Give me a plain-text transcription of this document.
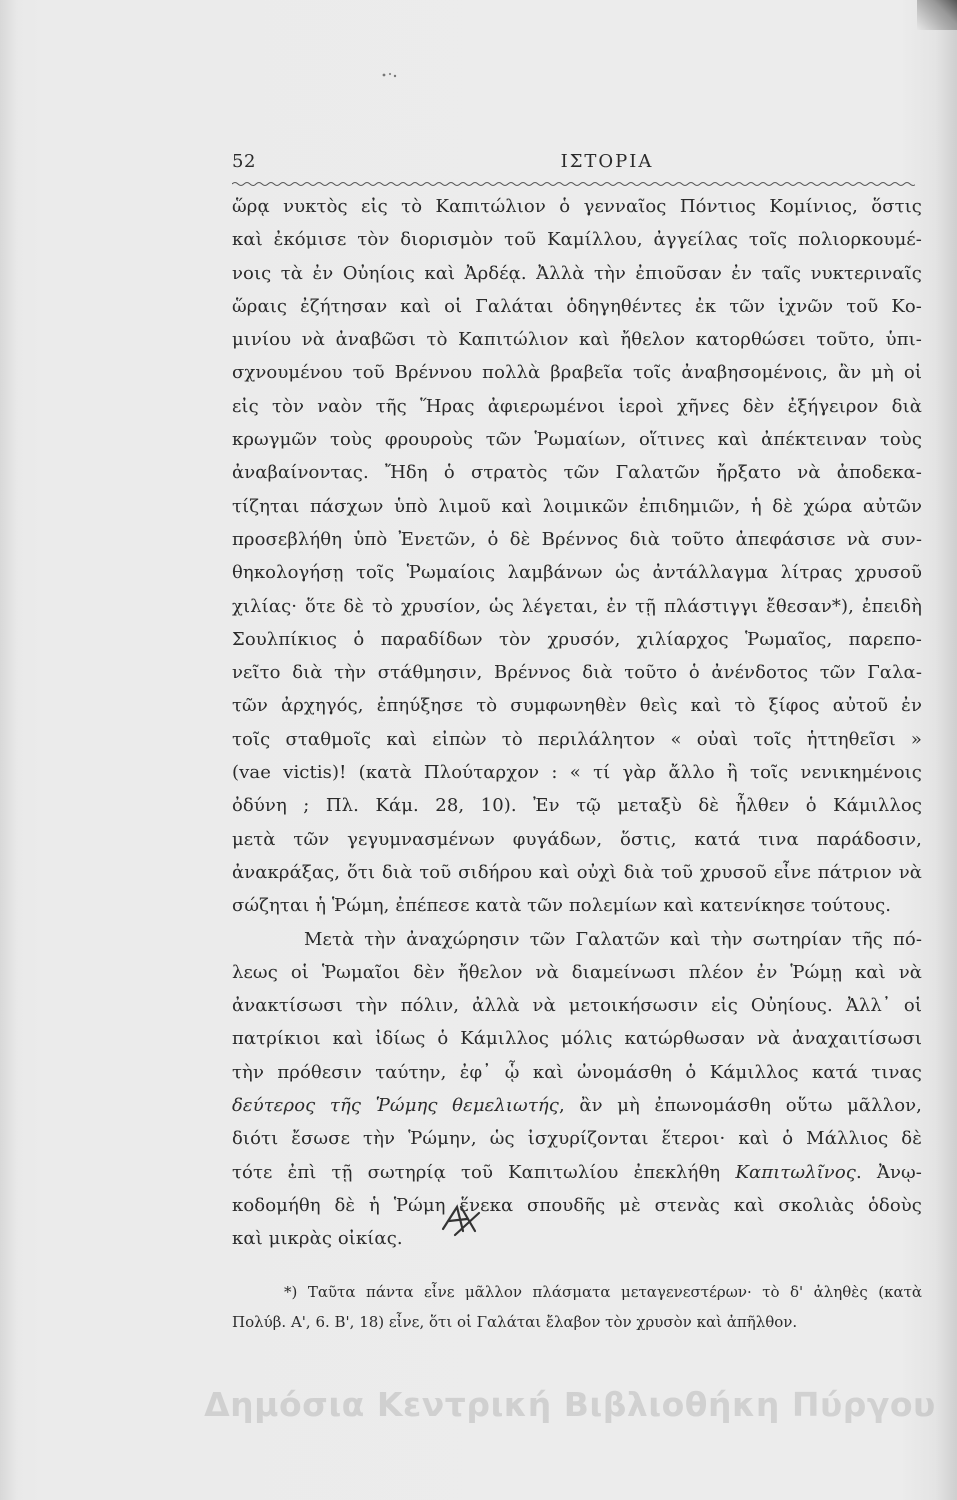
52	ΙΣΤΟΡΙΑ
ὥρᾳ νυκτὸς εἰς τὸ Καπιτώλιον ὁ γενναῖος Πόντιος Κομίνιος, ὅστις
καὶ ἐκόμισε τὸν διορισμὸν τοῦ Καμίλλου, ἀγγείλας τοῖς πολιορκουμέ-
νοις τὰ ἐν Οὐηίοις καὶ Ἀρδέᾳ. Ἀλλὰ τὴν ἐπιοῦσαν ἐν ταῖς νυκτεριναῖς
ὥραις ἐζήτησαν καὶ οἱ Γαλάται ὁδηγηθέντες ἐκ τῶν ἰχνῶν τοῦ Κο-
μινίου νὰ ἀναβῶσι τὸ Καπιτώλιον καὶ ἤθελον κατορθώσει τοῦτο, ὑπι-
σχνουμένου τοῦ Βρέννου πολλὰ βραβεῖα τοῖς ἀναβησομένοις, ἂν μὴ οἱ
εἰς τὸν ναὸν τῆς Ἥρας ἀφιερωμένοι ἱεροὶ χῆνες δὲν ἐξήγειρον διὰ
κρωγμῶν τοὺς φρουροὺς τῶν Ῥωμαίων, οἵτινες καὶ ἀπέκτειναν τοὺς
ἀναβαίνοντας. Ἤδη ὁ στρατὸς τῶν Γαλατῶν ἤρξατο νὰ ἀποδεκα-
τίζηται πάσχων ὑπὸ λιμοῦ καὶ λοιμικῶν ἐπιδημιῶν, ἡ δὲ χώρα αὐτῶν
προσεβλήθη ὑπὸ Ἐνετῶν, ὁ δὲ Βρέννος διὰ τοῦτο ἀπεφάσισε νὰ συν-
θηκολογήσῃ τοῖς Ῥωμαίοις λαμβάνων ὡς ἀντάλλαγμα λίτρας χρυσοῦ
χιλίας· ὅτε δὲ τὸ χρυσίον, ὡς λέγεται, ἐν τῇ πλάστιγγι ἔθεσαν*), ἐπειδὴ
Σουλπίκιος ὁ παραδίδων τὸν χρυσόν, χιλίαρχος Ῥωμαῖος, παρεπο-
νεῖτο διὰ τὴν στάθμησιν, Βρέννος διὰ τοῦτο ὁ ἀνένδοτος τῶν Γαλα-
τῶν ἀρχηγός, ἐπηύξησε τὸ συμφωνηθὲν θεὶς καὶ τὸ ξίφος αὐτοῦ ἐν
τοῖς σταθμοῖς καὶ εἰπὼν τὸ περιλάλητον « οὐαὶ τοῖς ἡττηθεῖσι »
(vae victis)! (κατὰ Πλούταρχον : « τί γὰρ ἄλλο ἢ τοῖς νενικημένοις
ὀδύνη ; Πλ. Κάμ. 28, 10). Ἐν τῷ μεταξὺ δὲ ἦλθεν ὁ Κάμιλλος
μετὰ τῶν γεγυμνασμένων φυγάδων, ὅστις, κατά τινα παράδοσιν,
ἀνακράξας, ὅτι διὰ τοῦ σιδήρου καὶ οὐχὶ διὰ τοῦ χρυσοῦ εἶνε πάτριον νὰ
σώζηται ἡ Ῥώμη, ἐπέπεσε κατὰ τῶν πολεμίων καὶ κατενίκησε τούτους.
Μετὰ τὴν ἀναχώρησιν τῶν Γαλατῶν καὶ τὴν σωτηρίαν τῆς πό-
λεως οἱ Ῥωμαῖοι δὲν ἤθελον νὰ διαμείνωσι πλέον ἐν Ῥώμῃ καὶ νὰ
ἀνακτίσωσι τὴν πόλιν, ἀλλὰ νὰ μετοικήσωσιν εἰς Οὐηίους. Ἀλλ᾽ οἱ
πατρίκιοι καὶ ἰδίως ὁ Κάμιλλος μόλις κατώρθωσαν νὰ ἀναχαιτίσωσι
τὴν πρόθεσιν ταύτην, ἐφ᾽ ᾧ καὶ ὠνομάσθη ὁ Κάμιλλος κατά τινας
δεύτερος τῆς Ῥώμης θεμελιωτής, ἂν μὴ ἐπωνομάσθη οὕτω μᾶλλον,
διότι ἔσωσε τὴν Ῥώμην, ὡς ἰσχυρίζονται ἕτεροι· καὶ ὁ Μάλλιος δὲ
τότε ἐπὶ τῇ σωτηρίᾳ τοῦ Καπιτωλίου ἐπεκλήθη Καπιτωλῖνος. Ἀνῳ-
κοδομήθη δὲ ἡ Ῥώμη ἕνεκα σπουδῆς μὲ στενὰς καὶ σκολιὰς ὁδοὺς
καὶ μικρὰς οἰκίας.
*) Ταῦτα πάντα εἶνε μᾶλλον πλάσματα μεταγενεστέρων· τὸ δ' ἀληθὲς (κατὰ
Πολύβ. Α', 6. Β', 18) εἶνε, ὅτι οἱ Γαλάται ἔλαβον τὸν χρυσὸν καὶ ἀπῆλθον.
Δημόσια Κεντρική Βιβλιοθήκη Πύργου
